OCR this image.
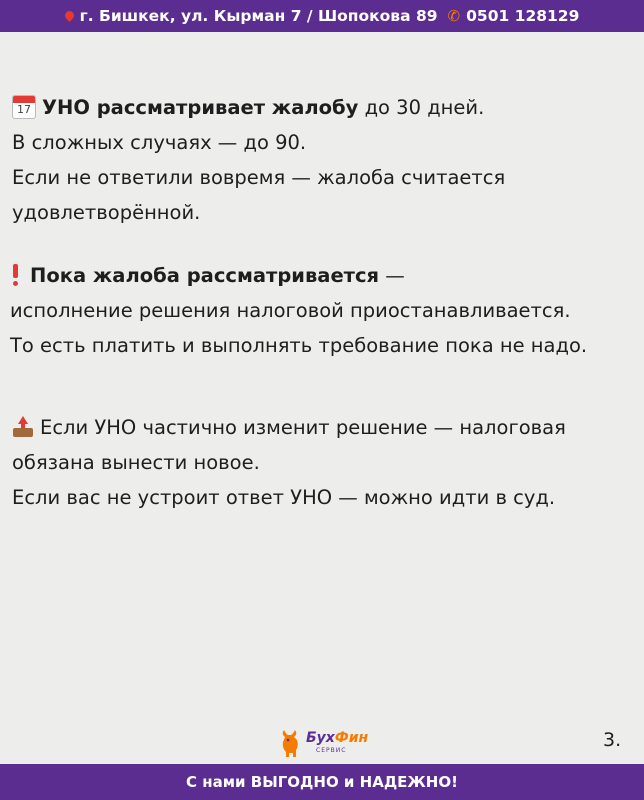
г. Бишкек, ул. Кырман 7 / Шопокова 89 ✆ 0501 128129

17 УНО рассматривает жалобу до 30 дней.

В сложных случаях — до 90.

Если не ответили вовремя — жалоба считается

удовлетворённой.

Пока жалоба рассматривается —

исполнение решения налоговой приостанавливается.

То есть платить и выполнять требование пока не надо.

Если УНО частично изменит решение — налоговая

обязана вынести новое.

Если вас не устроит ответ УНО — можно идти в суд.

БухФин
СЕРВИС	3.
С нами ВЫГОДНО и НАДЕЖНО!
